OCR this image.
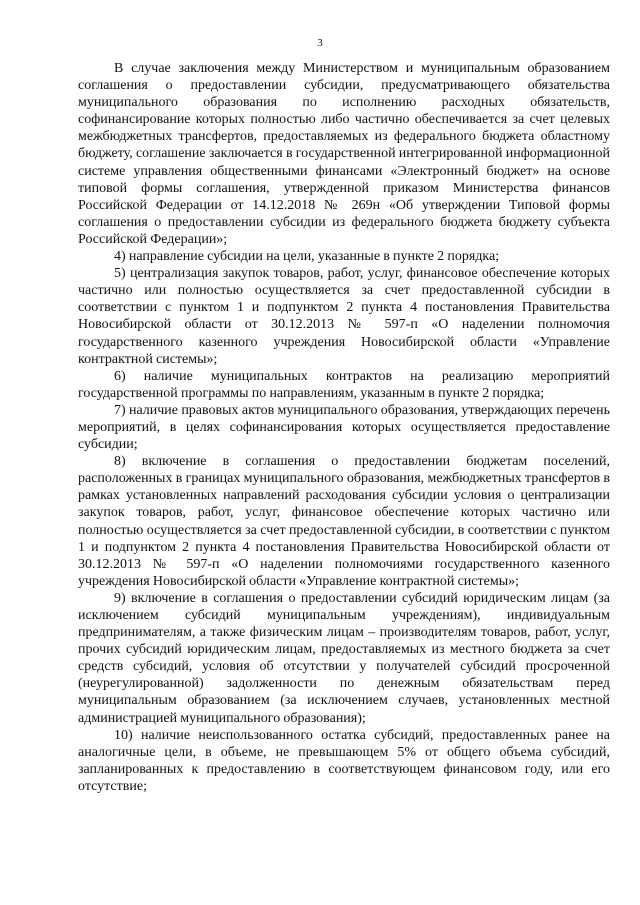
3

В случае заключения между Министерством и муниципальным образованием соглашения о предоставлении субсидии, предусматривающего обязательства муниципального образования по исполнению расходных обязательств, софинансирование которых полностью либо частично обеспечивается за счет целевых межбюджетных трансфертов, предоставляемых из федерального бюджета областному бюджету, соглашение заключается в государственной интегрированной информационной системе управления общественными финансами «Электронный бюджет» на основе типовой формы соглашения, утвержденной приказом Министерства финансов Российской Федерации от 14.12.2018 № 269н «Об утверждении Типовой формы соглашения о предоставлении субсидии из федерального бюджета бюджету субъекта Российской Федерации»;

4) направление субсидии на цели, указанные в пункте 2 порядка;

5) централизация закупок товаров, работ, услуг, финансовое обеспечение которых частично или полностью осуществляется за счет предоставленной субсидии в соответствии с пунктом 1 и подпунктом 2 пункта 4 постановления Правительства Новосибирской области от 30.12.2013 № 597-п «О наделении полномочия государственного казенного учреждения Новосибирской области «Управление контрактной системы»;

6) наличие муниципальных контрактов на реализацию мероприятий государственной программы по направлениям, указанным в пункте 2 порядка;

7) наличие правовых актов муниципального образования, утверждающих перечень мероприятий, в целях софинансирования которых осуществляется предоставление субсидии;

8) включение в соглашения о предоставлении бюджетам поселений, расположенных в границах муниципального образования, межбюджетных трансфертов в рамках установленных направлений расходования субсидии условия о централизации закупок товаров, работ, услуг, финансовое обеспечение которых частично или полностью осуществляется за счет предоставленной субсидии, в соответствии с пунктом 1 и подпунктом 2 пункта 4 постановления Правительства Новосибирской области от 30.12.2013 № 597-п «О наделении полномочиями государственного казенного учреждения Новосибирской области «Управление контрактной системы»;

9) включение в соглашения о предоставлении субсидий юридическим лицам (за исключением субсидий муниципальным учреждениям), индивидуальным предпринимателям, а также физическим лицам – производителям товаров, работ, услуг, прочих субсидий юридическим лицам, предоставляемых из местного бюджета за счет средств субсидий, условия об отсутствии у получателей субсидий просроченной (неурегулированной) задолженности по денежным обязательствам перед муниципальным образованием (за исключением случаев, установленных местной администрацией муниципального образования);

10) наличие неиспользованного остатка субсидий, предоставленных ранее на аналогичные цели, в объеме, не превышающем 5% от общего объема субсидий, запланированных к предоставлению в соответствующем финансовом году, или его отсутствие;
